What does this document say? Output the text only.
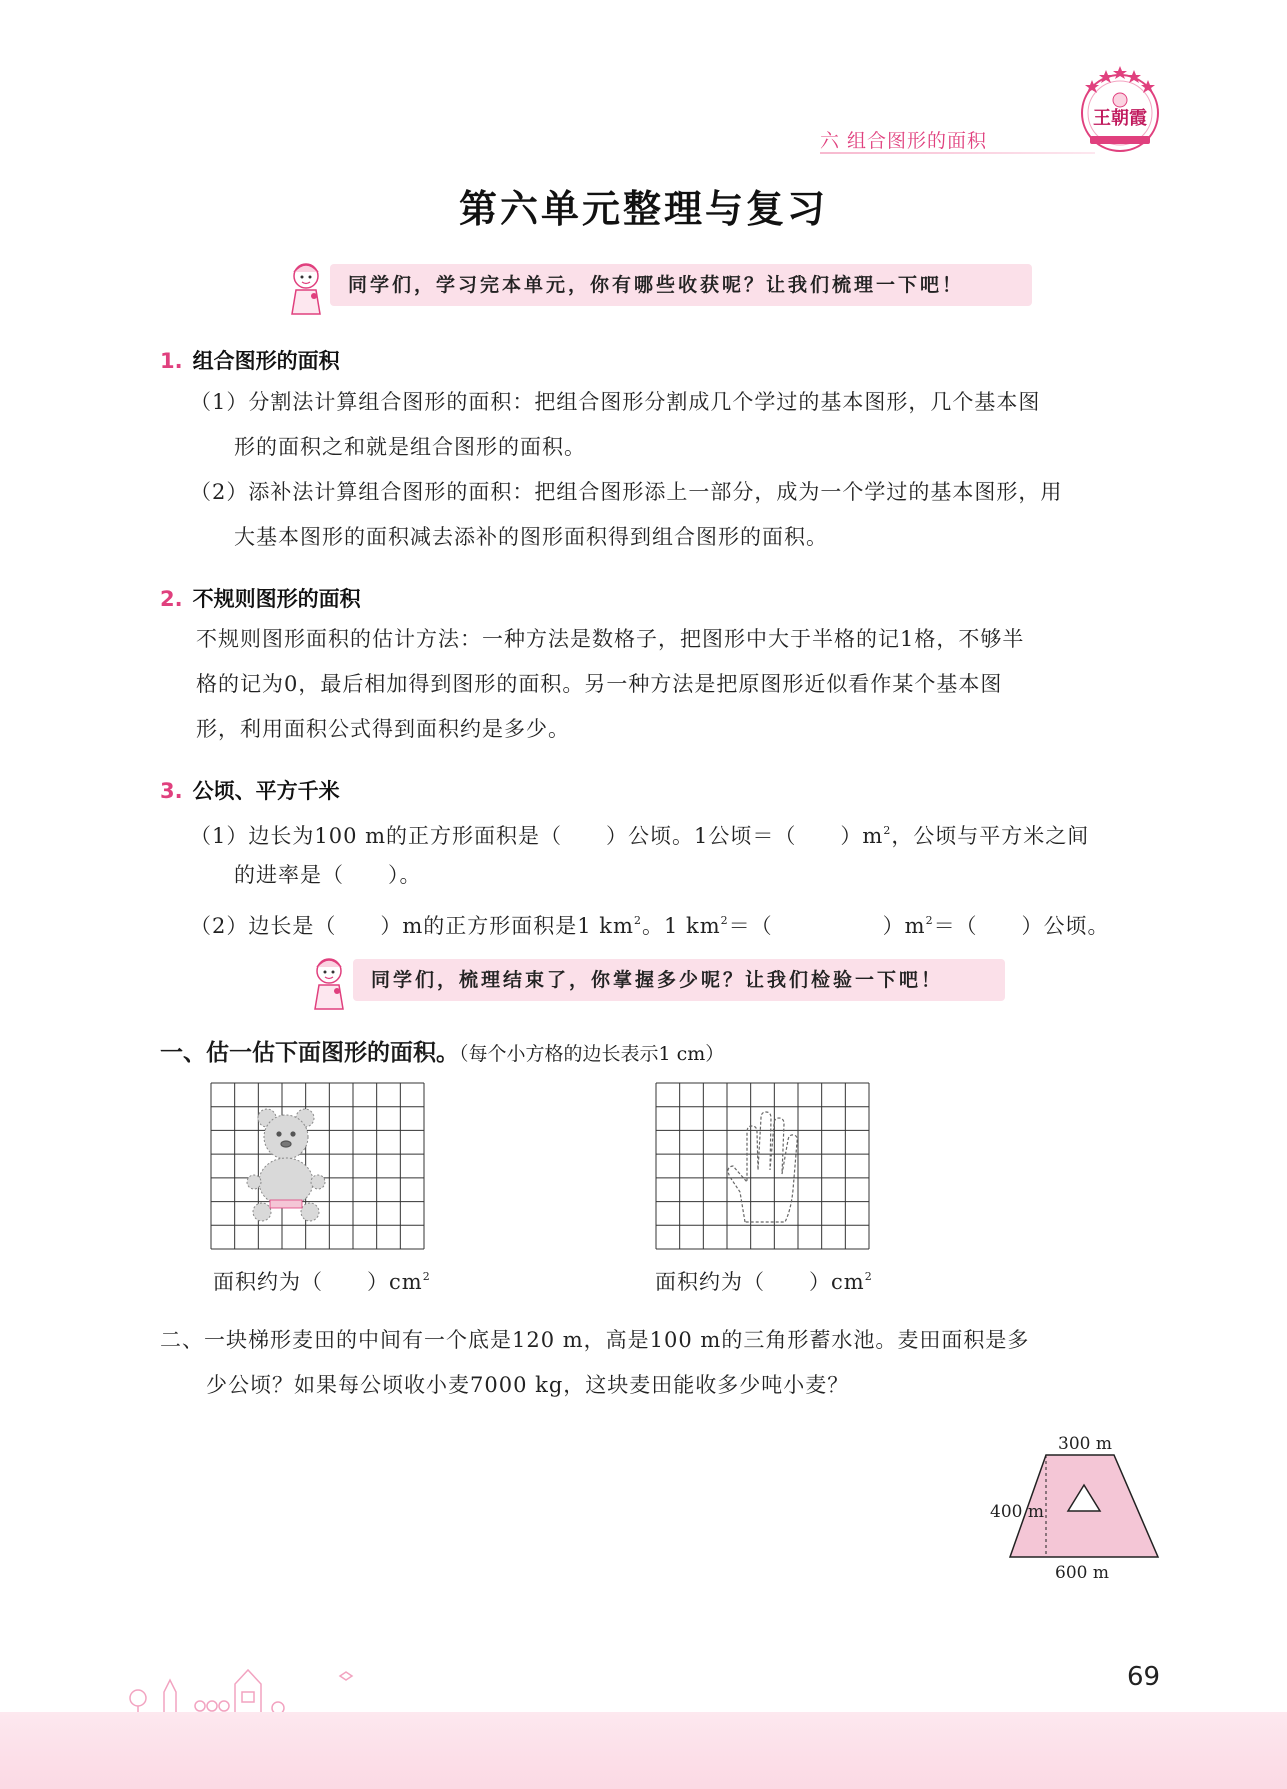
王朝霞
六 组合图形的面积
第六单元整理与复习
同学们，学习完本单元，你有哪些收获呢？让我们梳理一下吧！
1. 组合图形的面积
（1）分割法计算组合图形的面积：把组合图形分割成几个学过的基本图形，几个基本图
形的面积之和就是组合图形的面积。
（2）添补法计算组合图形的面积：把组合图形添上一部分，成为一个学过的基本图形，用
大基本图形的面积减去添补的图形面积得到组合图形的面积。
2. 不规则图形的面积
不规则图形面积的估计方法：一种方法是数格子，把图形中大于半格的记1格，不够半
格的记为0，最后相加得到图形的面积。另一种方法是把原图形近似看作某个基本图
形，利用面积公式得到面积约是多少。
3. 公顷、平方千米
（1）边长为100 m的正方形面积是（　　）公顷。1公顷＝（　　）$m^2$，公顷与平方米之间
的进率是（　　）。
（2）边长是（　　）m的正方形面积是1 $km^2$。1 $km^2=$（　　　　　）$m^2=$（　　）公顷。
同学们，梳理结束了，你掌握多少呢？让我们检验一下吧！
一、估一估下面图形的面积。（每个小方格的边长表示1 cm）
面积约为（　　）$cm^2$	面积约为（　　）$cm^2$
二、一块梯形麦田的中间有一个底是120 m，高是100 m的三角形蓄水池。麦田面积是多
少公顷？如果每公顷收小麦7000 kg，这块麦田能收多少吨小麦？
300 m
400 m
600 m
69
